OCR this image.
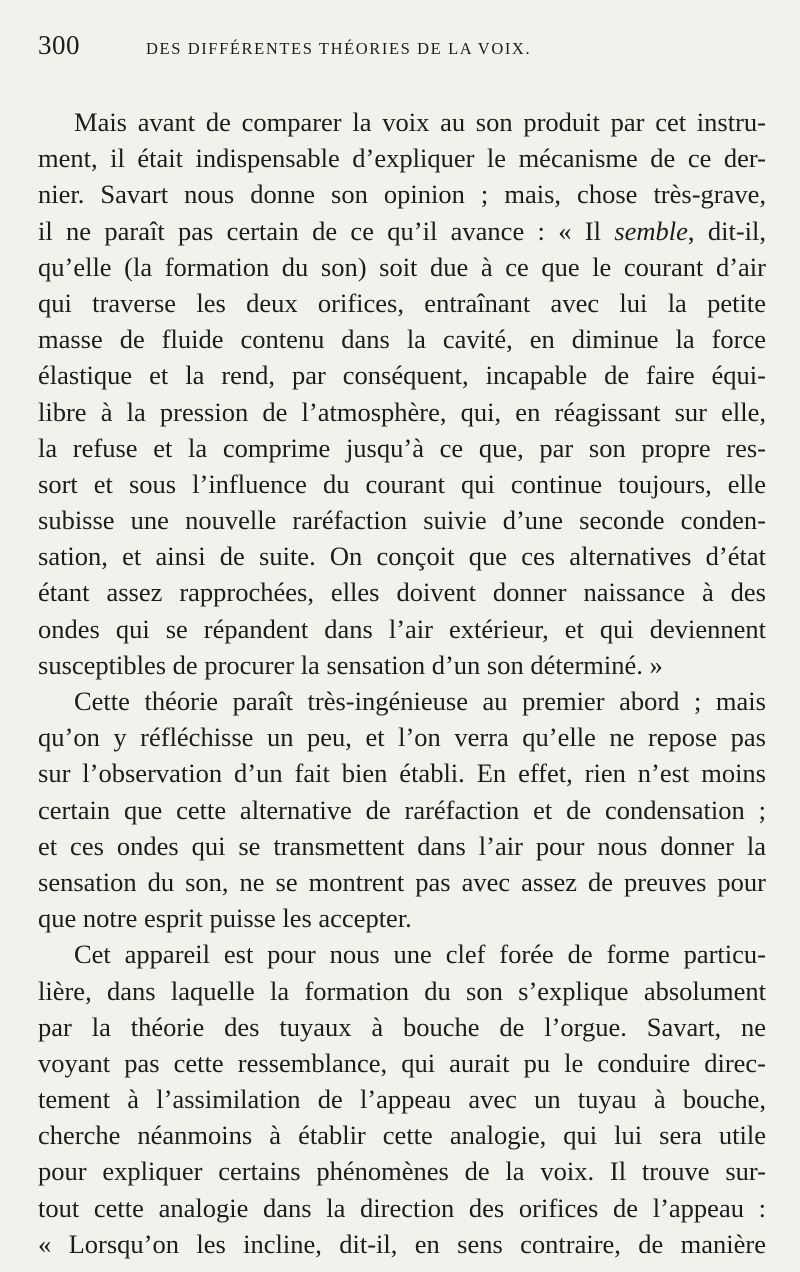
300	DES DIFFÉRENTES THÉORIES DE LA VOIX.
Mais avant de comparer la voix au son produit par cet instru-
ment, il était indispensable d’expliquer le mécanisme de ce der-
nier. Savart nous donne son opinion ; mais, chose très-grave,
il ne paraît pas certain de ce qu’il avance : « Il semble, dit-il,
qu’elle (la formation du son) soit due à ce que le courant d’air
qui traverse les deux orifices, entraînant avec lui la petite
masse de fluide contenu dans la cavité, en diminue la force
élastique et la rend, par conséquent, incapable de faire équi-
libre à la pression de l’atmosphère, qui, en réagissant sur elle,
la refuse et la comprime jusqu’à ce que, par son propre res-
sort et sous l’influence du courant qui continue toujours, elle
subisse une nouvelle raréfaction suivie d’une seconde conden-
sation, et ainsi de suite. On conçoit que ces alternatives d’état
étant assez rapprochées, elles doivent donner naissance à des
ondes qui se répandent dans l’air extérieur, et qui deviennent
susceptibles de procurer la sensation d’un son déterminé. »
Cette théorie paraît très-ingénieuse au premier abord ; mais
qu’on y réfléchisse un peu, et l’on verra qu’elle ne repose pas
sur l’observation d’un fait bien établi. En effet, rien n’est moins
certain que cette alternative de raréfaction et de condensation ;
et ces ondes qui se transmettent dans l’air pour nous donner la
sensation du son, ne se montrent pas avec assez de preuves pour
que notre esprit puisse les accepter.
Cet appareil est pour nous une clef forée de forme particu-
lière, dans laquelle la formation du son s’explique absolument
par la théorie des tuyaux à bouche de l’orgue. Savart, ne
voyant pas cette ressemblance, qui aurait pu le conduire direc-
tement à l’assimilation de l’appeau avec un tuyau à bouche,
cherche néanmoins à établir cette analogie, qui lui sera utile
pour expliquer certains phénomènes de la voix. Il trouve sur-
tout cette analogie dans la direction des orifices de l’appeau :
« Lorsqu’on les incline, dit-il, en sens contraire, de manière
